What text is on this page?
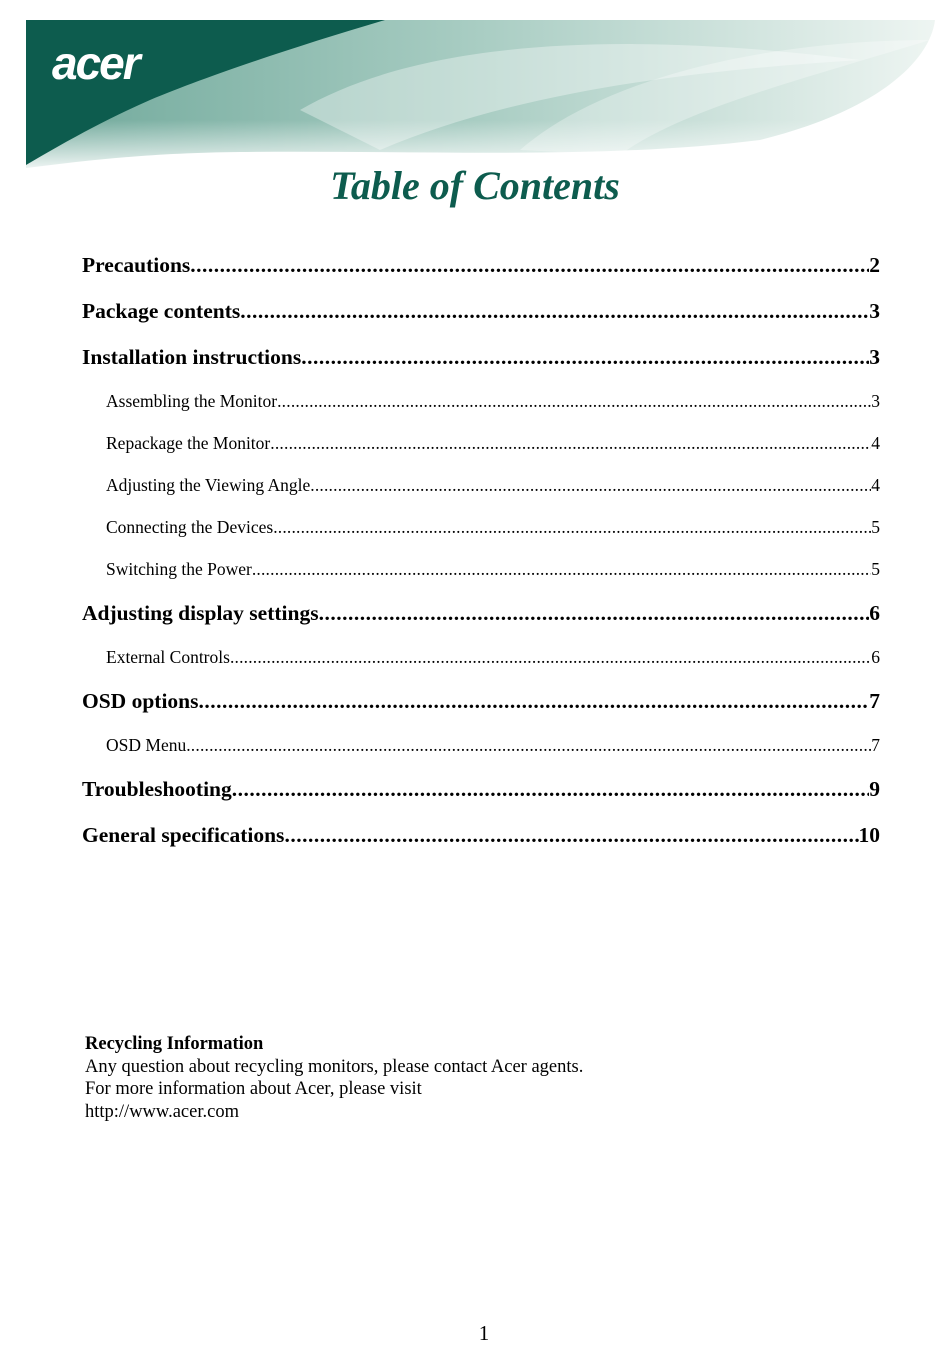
acer
Table of Contents
Precautions .....	2
Package contents .....	3
Installation instructions .....	3
Assembling the Monitor .....	3
Repackage the Monitor .....	4
Adjusting the Viewing Angle .....	4
Connecting the Devices .....	5
Switching the Power .....	5
Adjusting display settings .....	6
External Controls .....	6
OSD options .....	7
OSD Menu .....	7
Troubleshooting .....	9
General specifications .....	10
Recycling Information
Any question about recycling monitors, please contact Acer agents.
For more information about Acer, please visit
http://www.acer.com
1
